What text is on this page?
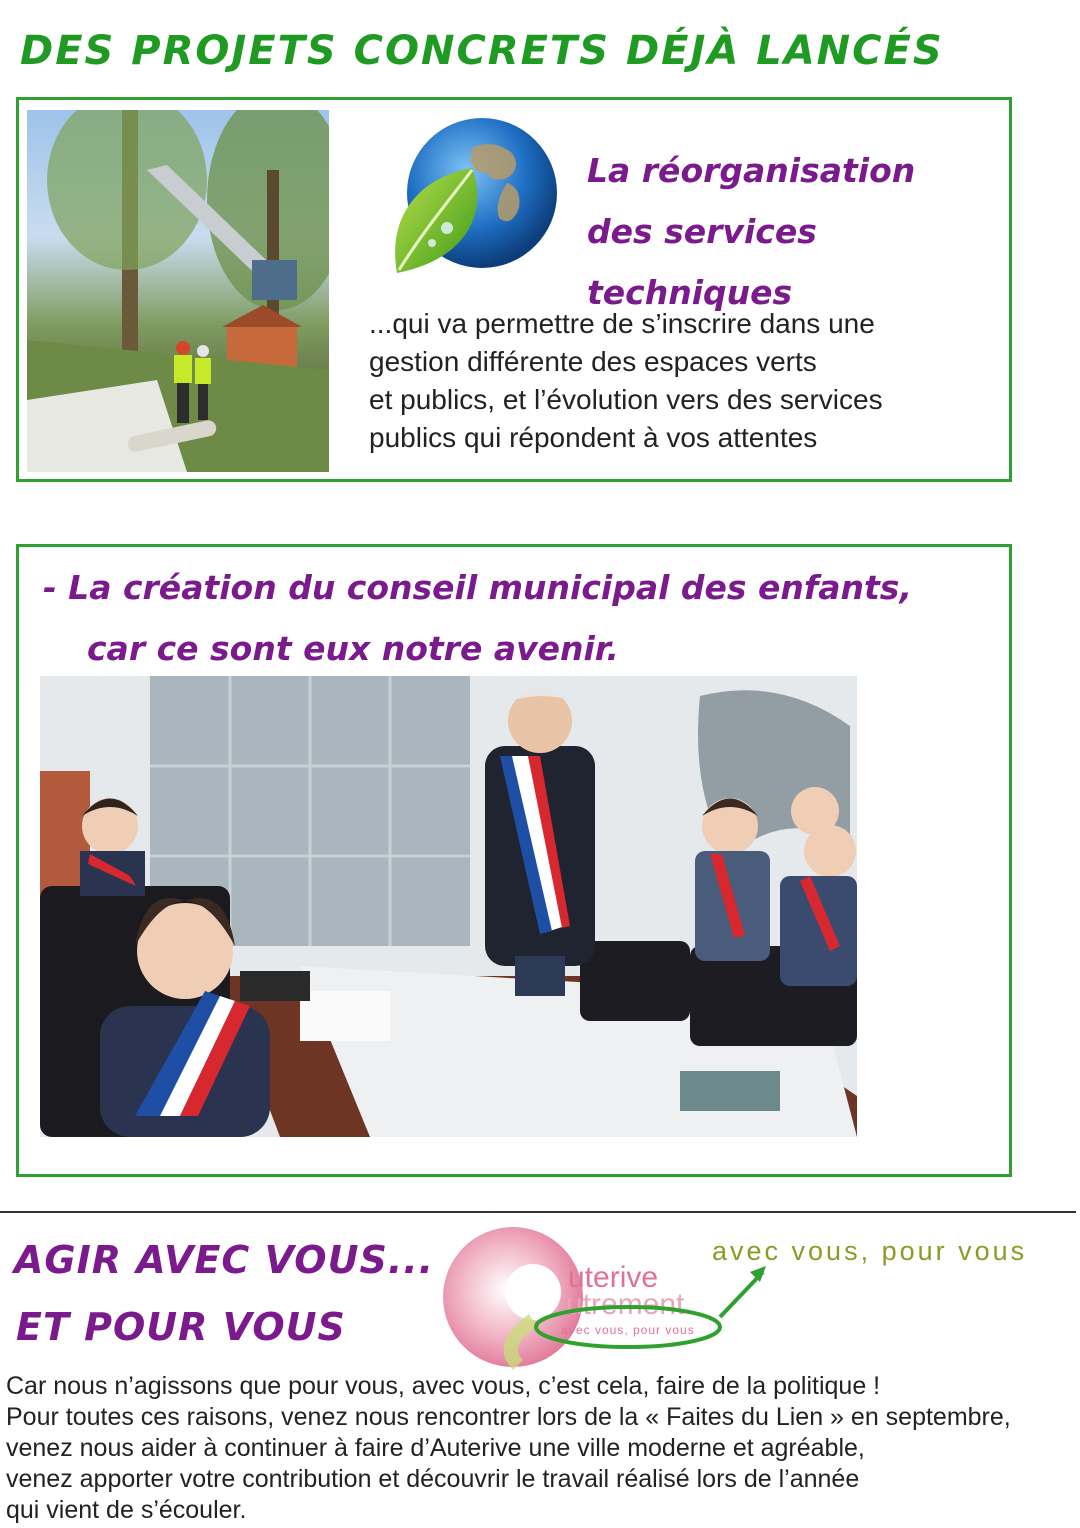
DES PROJETS CONCRETS DÉJÀ LANCÉS
La réorganisation
des services techniques
...qui va permettre de s’inscrire dans une
gestion différente des espaces verts
et publics, et l’évolution vers des services
publics qui répondent à vos attentes
- La création du conseil municipal des enfants,
car ce sont eux notre avenir.
AGIR AVEC VOUS...
ET POUR VOUS
uterive
utrement
avec vous, pour vous
avec vous, pour vous
Car nous n’agissons que pour vous, avec vous, c’est cela, faire de la politique !
Pour toutes ces raisons, venez nous rencontrer lors de la « Faites du Lien » en septembre,
venez nous aider à continuer à faire d’Auterive une ville moderne et agréable,
venez apporter votre contribution et découvrir le travail réalisé lors de l’année
qui vient de s’écouler.
